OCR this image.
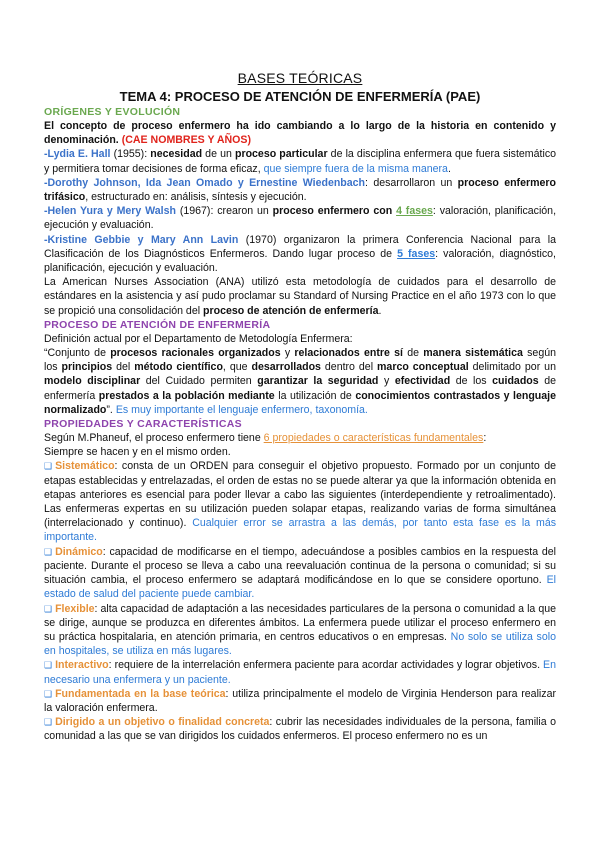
BASES TEÓRICAS
TEMA 4: PROCESO DE ATENCIÓN DE ENFERMERÍA (PAE)
ORÍGENES Y EVOLUCIÓN

El concepto de proceso enfermero ha ido cambiando a lo largo de la historia en contenido y denominación. (CAE NOMBRES Y AÑOS)

-Lydia E. Hall (1955): necesidad de un proceso particular de la disciplina enfermera que fuera sistemático y permitiera tomar decisiones de forma eficaz, que siempre fuera de la misma manera.

-Dorothy Johnson, Ida Jean Omado y Ernestine Wiedenbach: desarrollaron un proceso enfermero trifásico, estructurado en: análisis, síntesis y ejecución.

-Helen Yura y Mery Walsh (1967): crearon un proceso enfermero con 4 fases: valoración, planificación, ejecución y evaluación.

-Kristine Gebbie y Mary Ann Lavin (1970) organizaron la primera Conferencia Nacional para la Clasificación de los Diagnósticos Enfermeros. Dando lugar proceso de 5 fases: valoración, diagnóstico, planificación, ejecución y evaluación.

La American Nurses Association (ANA) utilizó esta metodología de cuidados para el desarrollo de estándares en la asistencia y así pudo proclamar su Standard of Nursing Practice en el año 1973 con lo que se propició una consolidación del proceso de atención de enfermería.

PROCESO DE ATENCIÓN DE ENFERMERÍA

Definición actual por el Departamento de Metodología Enfermera:

“Conjunto de procesos racionales organizados y relacionados entre sí de manera sistemática según los principios del método científico, que desarrollados dentro del marco conceptual delimitado por un modelo disciplinar del Cuidado permiten garantizar la seguridad y efectividad de los cuidados de enfermería prestados a la población mediante la utilización de conocimientos contrastados y lenguaje normalizado”. Es muy importante el lenguaje enfermero, taxonomía.

PROPIEDADES Y CARACTERÍSTICAS

Según M.Phaneuf, el proceso enfermero tiene 6 propiedades o características fundamentales:

Siempre se hacen y en el mismo orden.

❑ Sistemático: consta de un ORDEN para conseguir el objetivo propuesto. Formado por un conjunto de etapas establecidas y entrelazadas, el orden de estas no se puede alterar ya que la información obtenida en etapas anteriores es esencial para poder llevar a cabo las siguientes (interdependiente y retroalimentado). Las enfermeras expertas en su utilización pueden solapar etapas, realizando varias de forma simultánea (interrelacionado y continuo). Cualquier error se arrastra a las demás, por tanto esta fase es la más importante.

❑ Dinámico: capacidad de modificarse en el tiempo, adecuándose a posibles cambios en la respuesta del paciente. Durante el proceso se lleva a cabo una reevaluación continua de la persona o comunidad; si su situación cambia, el proceso enfermero se adaptará modificándose en lo que se considere oportuno. El estado de salud del paciente puede cambiar.

❑ Flexible: alta capacidad de adaptación a las necesidades particulares de la persona o comunidad a la que se dirige, aunque se produzca en diferentes ámbitos. La enfermera puede utilizar el proceso enfermero en su práctica hospitalaria, en atención primaria, en centros educativos o en empresas. No solo se utiliza solo en hospitales, se utiliza en más lugares.

❑ Interactivo: requiere de la interrelación enfermera paciente para acordar actividades y lograr objetivos. En necesario una enfermera y un paciente.

❑ Fundamentada en la base teórica: utiliza principalmente el modelo de Virginia Henderson para realizar la valoración enfermera.

❑ Dirigido a un objetivo o finalidad concreta: cubrir las necesidades individuales de la persona, familia o comunidad a las que se van dirigidos los cuidados enfermeros. El proceso enfermero no es un
